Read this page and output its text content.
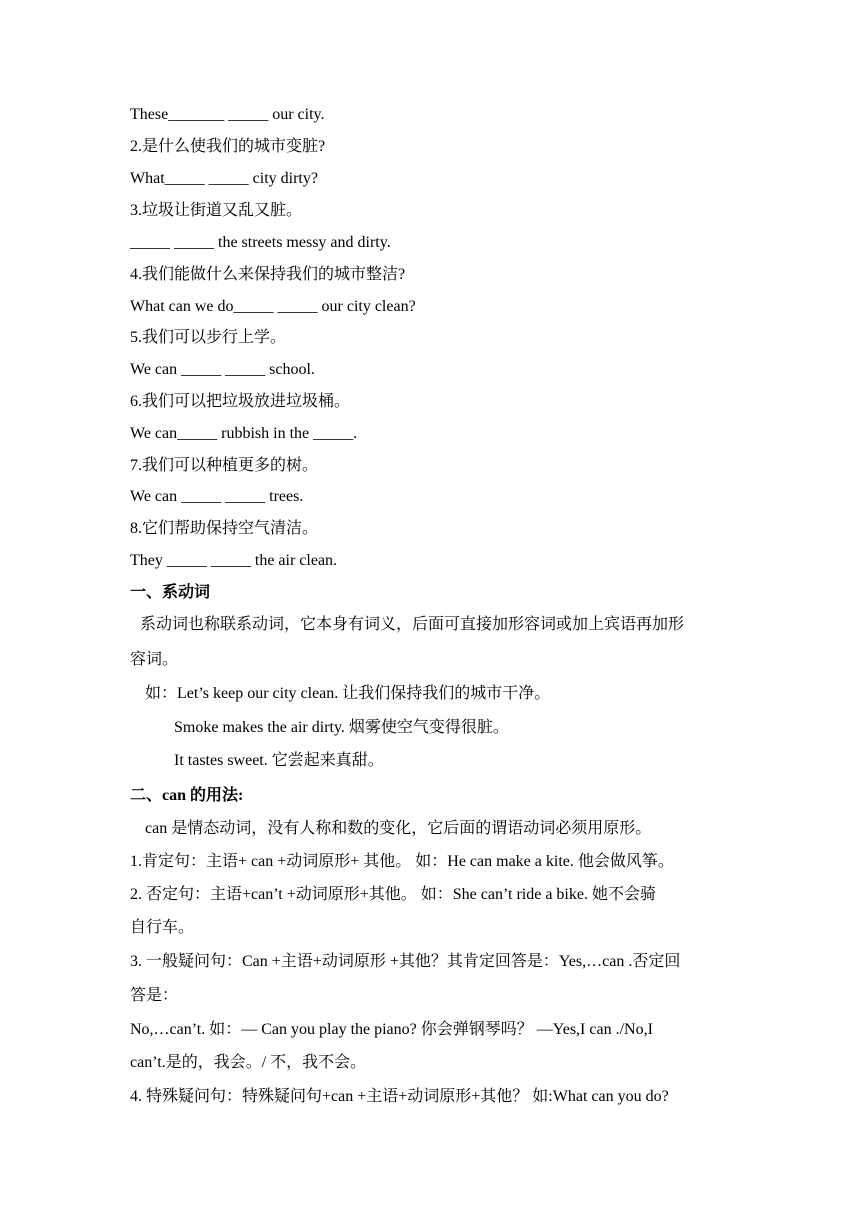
These_______ _____ our city.
2.是什么使我们的城市变脏?
What_____ _____ city dirty?
3.垃圾让街道又乱又脏。
_____ _____ the streets messy and dirty.
4.我们能做什么来保持我们的城市整洁?
What can we do_____ _____ our city clean?
5.我们可以步行上学。
We can _____ _____ school.
6.我们可以把垃圾放进垃圾桶。
We can_____ rubbish in the _____.
7.我们可以种植更多的树。
We can _____ _____ trees.
8.它们帮助保持空气清洁。
They _____ _____ the air clean.
一、系动词
系动词也称联系动词，它本身有词义，后面可直接加形容词或加上宾语再加形
容词。
如：Let’s keep our city clean. 让我们保持我们的城市干净。
Smoke makes the air dirty. 烟雾使空气变得很脏。
It tastes sweet. 它尝起来真甜。
二、can 的用法:
can 是情态动词，没有人称和数的变化，它后面的谓语动词必须用原形。
1.肯定句：主语+ can +动词原形+ 其他。 如：He can make a kite. 他会做风筝。
2. 否定句：主语+can’t +动词原形+其他。 如：She can’t ride a bike. 她不会骑
自行车。
3. 一般疑问句：Can +主语+动词原形 +其他？其肯定回答是：Yes,…can .否定回
答是：
No,…can’t. 如：— Can you play the piano? 你会弹钢琴吗？ —Yes,I can ./No,I
can’t.是的，我会。/ 不，我不会。
4. 特殊疑问句：特殊疑问句+can +主语+动词原形+其他？ 如:What can you do?
